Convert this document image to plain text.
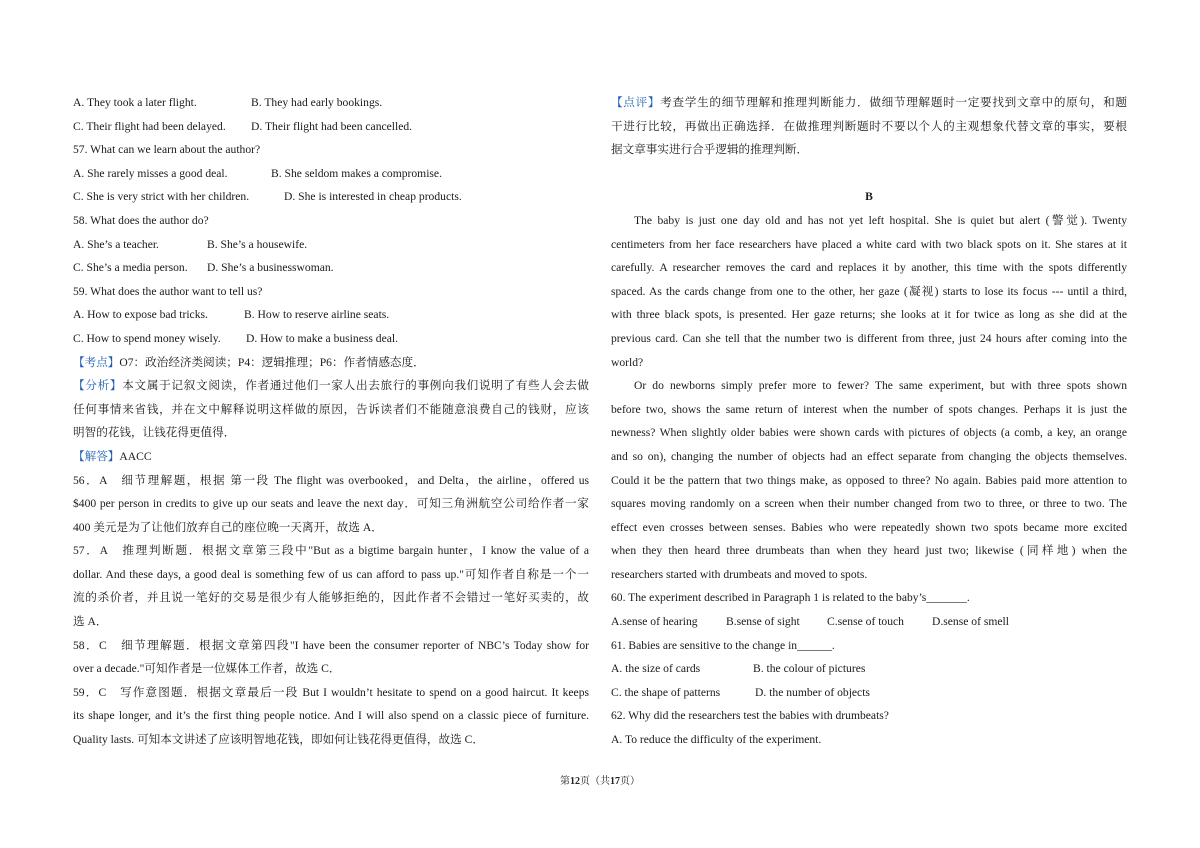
A. They took a later flight.	B. They had early bookings.
C. Their flight had been delayed. D. Their flight had been cancelled.
57. What can we learn about the author?
A. She rarely misses a good deal.	B. She seldom makes a compromise.
C. She is very strict with her children.	D. She is interested in cheap products.
58. What does the author do?
A. She’s a teacher.	B. She’s a housewife.
C. She’s a media person. D. She’s a businesswoman.
59. What does the author want to tell us?
A. How to expose bad tricks.	B. How to reserve airline seats.
C. How to spend money wisely. D. How to make a business deal.
【考点】O7：政治经济类阅读；P4：逻辑推理；P6：作者情感态度．
【分析】本文属于记叙文阅读，作者通过他们一家人出去旅行的事例向我们说明了有些人会去做
任何事情来省钱，并在文中解释说明这样做的原因，告诉读者们不能随意浪费自己的钱财，应该
明智的花钱，让钱花得更值得．
【解答】AACC
56．A　细节理解题，根据 第一段 The flight was overbooked，and Delta，the airline，offered us
$400 per person in credits to give up our seats and leave the next day．可知三角洲航空公司给作者一家
400 美元是为了让他们放弃自己的座位晚一天离开，故选 A．
57．A　推理判断题．根据文章第三段中"But as a bigtime bargain hunter，I know the value of a
dollar. And these days, a good deal is something few of us can afford to pass up."可知作者自称是一个一
流的杀价者，并且说一笔好的交易是很少有人能够拒绝的，因此作者不会错过一笔好买卖的，故
选 A．
58．C　细节理解题．根据文章第四段"I have been the consumer reporter of NBC’s Today show for
over a decade."可知作者是一位媒体工作者，故选 C．
59．C　写作意图题．根据文章最后一段 But I wouldn’t hesitate to spend on a good haircut. It keeps
its shape longer, and it’s the first thing people notice. And I will also spend on a classic piece of furniture.
Quality lasts. 可知本文讲述了应该明智地花钱，即如何让钱花得更值得，故选 C．
【点评】考查学生的细节理解和推理判断能力．做细节理解题时一定要找到文章中的原句，和题
干进行比较，再做出正确选择．在做推理判断题时不要以个人的主观想象代替文章的事实，要根
据文章事实进行合乎逻辑的推理判断．
B
The baby is just one day old and has not yet left hospital. She is quiet but alert (警觉). Twenty
centimeters from her face researchers have placed a white card with two black spots on it. She stares at it
carefully. A researcher removes the card and replaces it by another, this time with the spots differently
spaced. As the cards change from one to the other, her gaze (凝视) starts to lose its focus --- until a third,
with three black spots, is presented. Her gaze returns; she looks at it for twice as long as she did at the
previous card. Can she tell that the number two is different from three, just 24 hours after coming into the
world?
Or do newborns simply prefer more to fewer? The same experiment, but with three spots shown
before two, shows the same return of interest when the number of spots changes. Perhaps it is just the
newness? When slightly older babies were shown cards with pictures of objects (a comb, a key, an orange
and so on), changing the number of objects had an effect separate from changing the objects themselves.
Could it be the pattern that two things make, as opposed to three? No again. Babies paid more attention to
squares moving randomly on a screen when their number changed from two to three, or three to two. The
effect even crosses between senses. Babies who were repeatedly shown two spots became more excited
when they then heard three drumbeats than when they heard just two; likewise (同样地) when the
researchers started with drumbeats and moved to spots.
60. The experiment described in Paragraph 1 is related to the baby’s_______.
A.sense of hearing B.sense of sight C.sense of touch D.sense of smell
61. Babies are sensitive to the change in______.
A. the size of cards	B. the colour of pictures
C. the shape of patterns	D. the number of objects
62. Why did the researchers test the babies with drumbeats?
A. To reduce the difficulty of the experiment.
第12页（共17页）
